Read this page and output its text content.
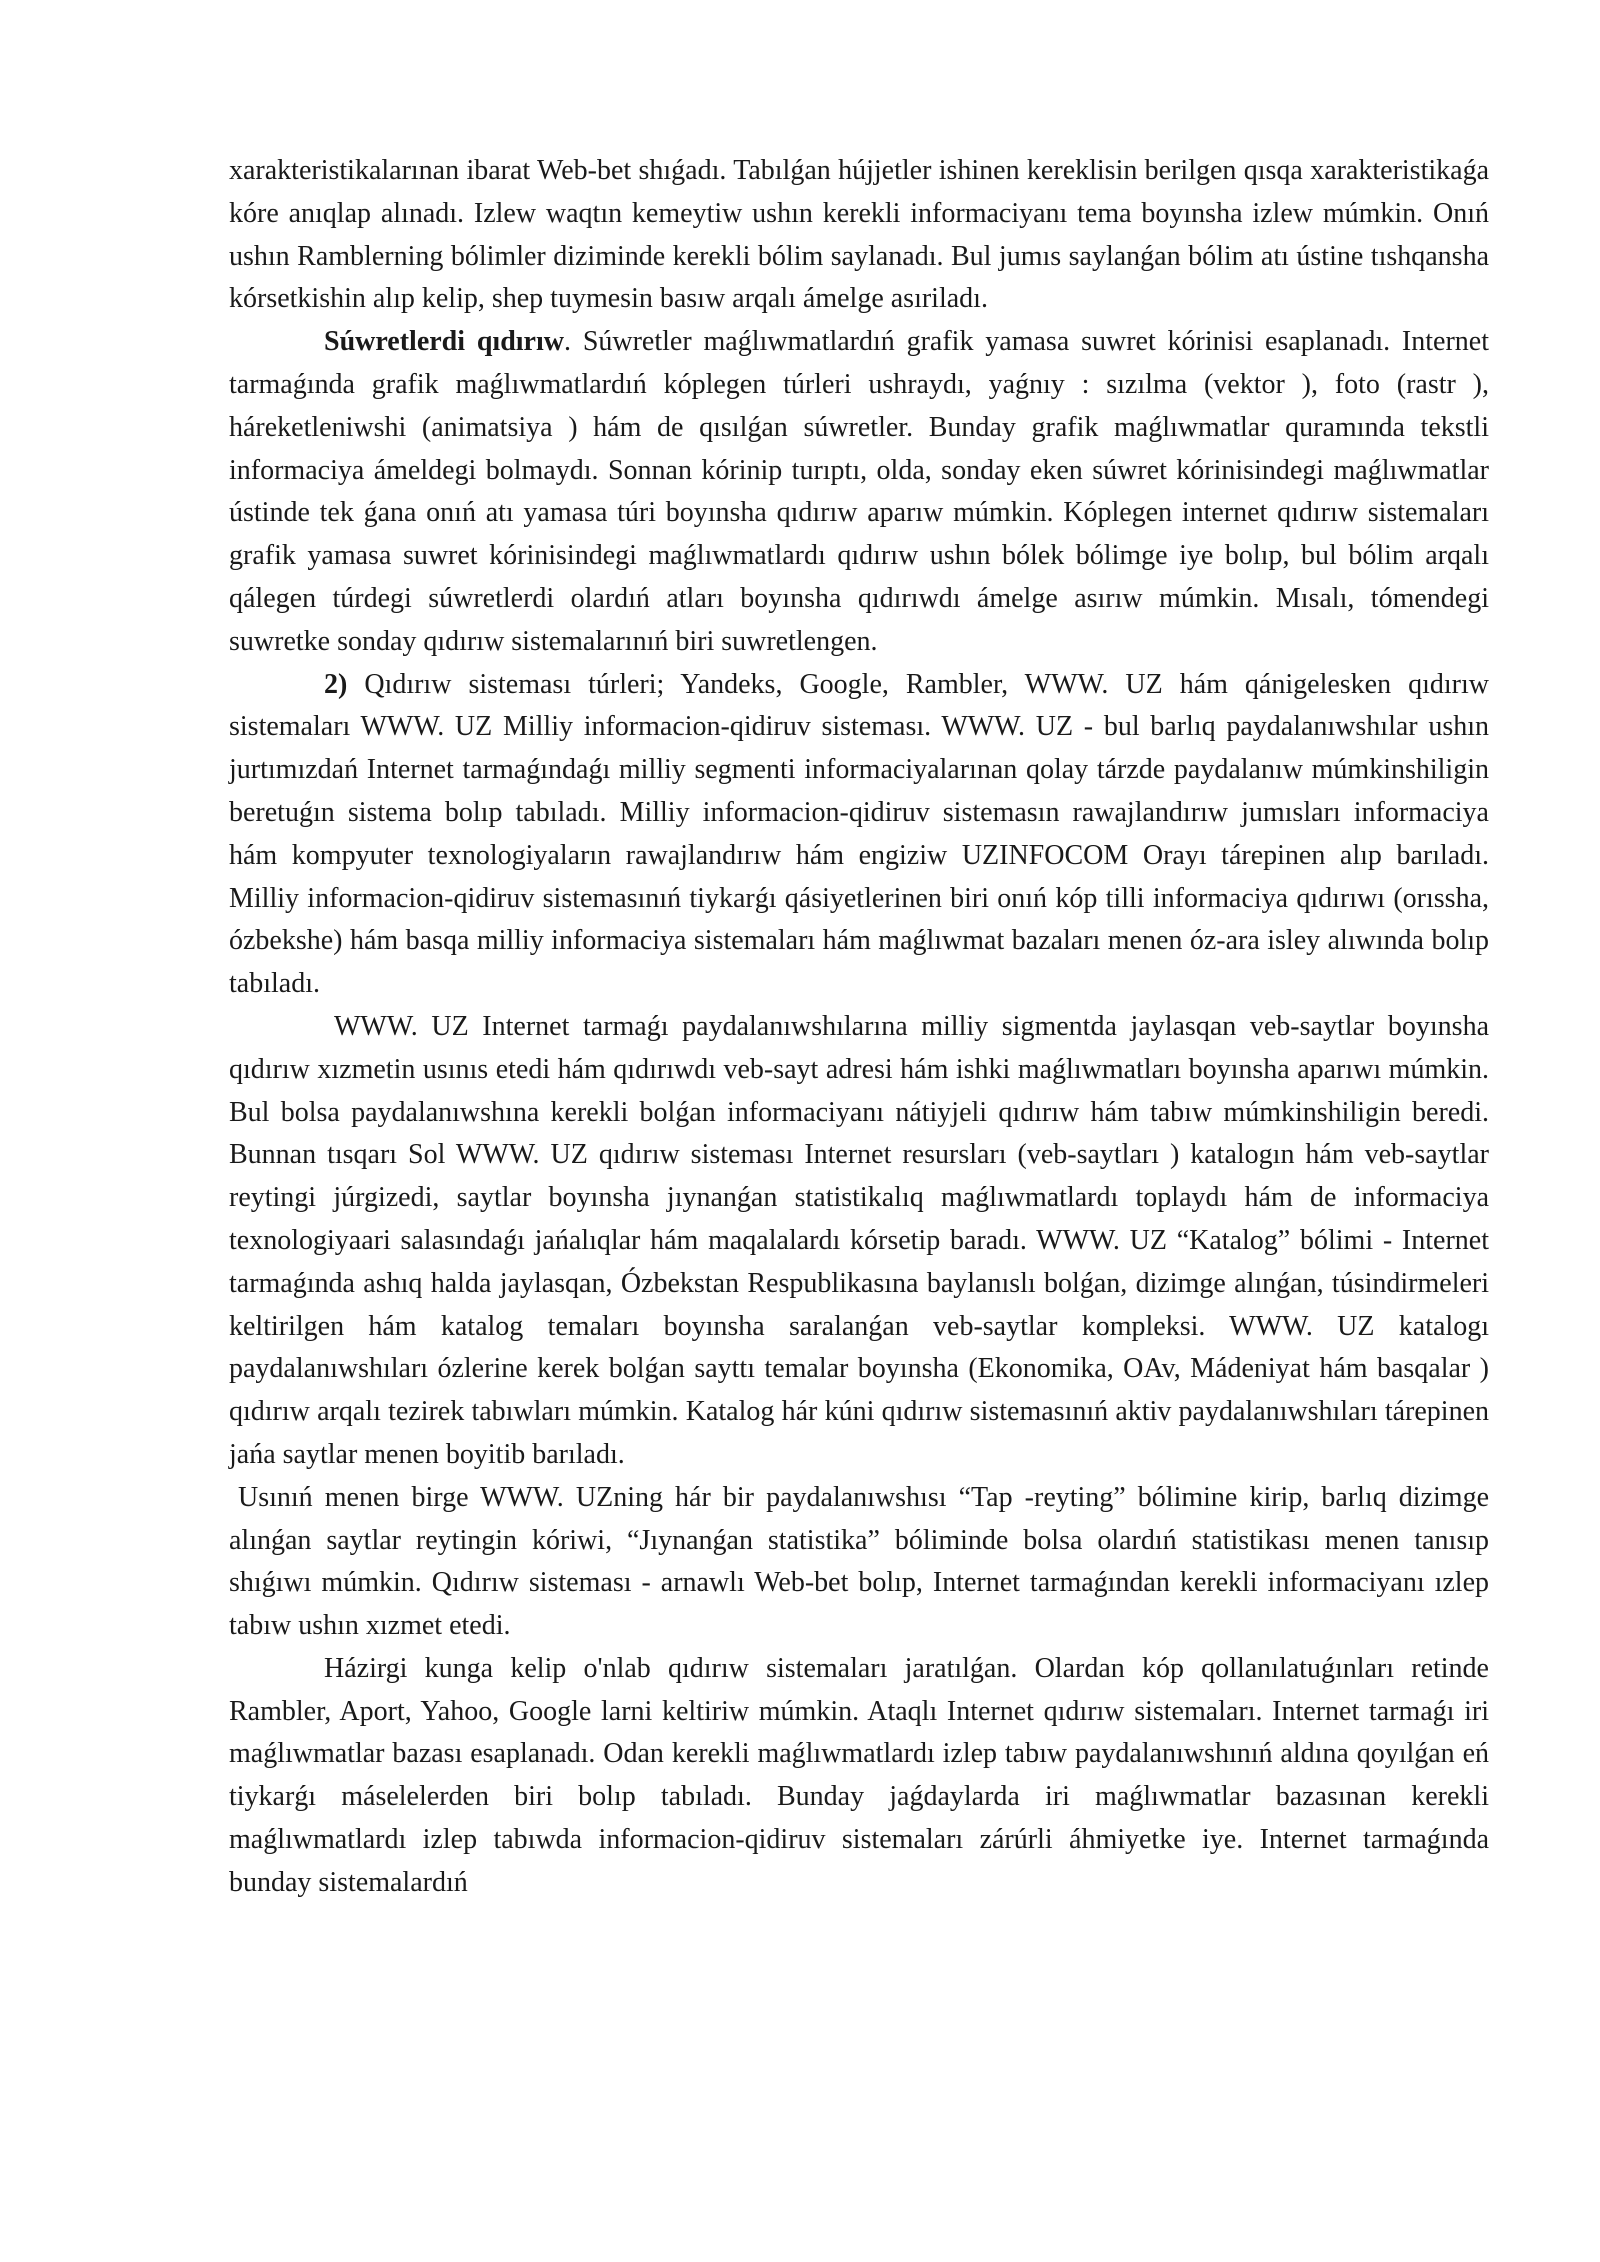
xarakteristikalarınan ibarat Web-bet shıǵadı. Tabılǵan hújjetler ishinen kereklisin berilgen qısqa xarakteristikaǵa kóre anıqlap alınadı. Izlew waqtın kemeytiw ushın kerekli informaciyanı tema boyınsha izlew múmkin. Onıń ushın Ramblerning bólimler diziminde kerekli bólim saylanadı. Bul jumıs saylanǵan bólim atı ústine tıshqansha kórsetkishin alıp kelip, shep tuymesin basıw arqalı ámelge asıriladı.

Súwretlerdi qıdırıw. Súwretler maǵlıwmatlardıń grafik yamasa suwret kórinisi esaplanadı. Internet tarmaǵında grafik maǵlıwmatlardıń kóplegen túrleri ushraydı, yaǵnıy : sızılma (vektor ), foto (rastr ), háreketleniwshi (animatsiya ) hám de qısılǵan súwretler. Bunday grafik maǵlıwmatlar quramında tekstli informaciya ámeldegi bolmaydı. Sonnan kórinip turıptı, olda, sonday eken súwret kórinisindegi maǵlıwmatlar ústinde tek ǵana onıń atı yamasa túri boyınsha qıdırıw aparıw múmkin. Kóplegen internet qıdırıw sistemaları grafik yamasa suwret kórinisindegi maǵlıwmatlardı qıdırıw ushın bólek bólimge iye bolıp, bul bólim arqalı qálegen túrdegi súwretlerdi olardıń atları boyınsha qıdırıwdı ámelge asırıw múmkin. Mısalı, tómendegi suwretke sonday qıdırıw sistemalarınıń biri suwretlengen.

2) Qıdırıw sisteması túrleri; Yandeks, Google, Rambler, WWW. UZ hám qánigelesken qıdırıw sistemaları WWW. UZ Milliy informacion-qidiruv sisteması. WWW. UZ - bul barlıq paydalanıwshılar ushın jurtımızdań Internet tarmaǵındaǵı milliy segmenti informaciyalarınan qolay tárzde paydalanıw múmkinshiligin beretuǵın sistema bolıp tabıladı. Milliy informacion-qidiruv sistemasın rawajlandırıw jumısları informaciya hám kompyuter texnologiyaların rawajlandırıw hám engiziw UZINFOCOM Orayı tárepinen alıp barıladı. Milliy informacion-qidiruv sistemasınıń tiykarǵı qásiyetlerinen biri onıń kóp tilli informaciya qıdırıwı (orıssha, ózbekshe) hám basqa milliy informaciya sistemaları hám maǵlıwmat bazaları menen óz-ara isley alıwında bolıp tabıladı.

WWW. UZ Internet tarmaǵı paydalanıwshılarına milliy sigmentda jaylasqan veb-saytlar boyınsha qıdırıw xızmetin usınıs etedi hám qıdırıwdı veb-sayt adresi hám ishki maǵlıwmatları boyınsha aparıwı múmkin. Bul bolsa paydalanıwshına kerekli bolǵan informaciyanı nátiyjeli qıdırıw hám tabıw múmkinshiligin beredi. Bunnan tısqarı Sol WWW. UZ qıdırıw sisteması Internet resursları (veb-saytları ) katalogın hám veb-saytlar reytingi júrgizedi, saytlar boyınsha jıynanǵan statistikalıq maǵlıwmatlardı toplaydı hám de informaciya texnologiyaari salasındaǵı jańalıqlar hám maqalalardı kórsetip baradı. WWW. UZ “Katalog” bólimi - Internet tarmaǵında ashıq halda jaylasqan, Ózbekstan Respublikasına baylanıslı bolǵan, dizimge alınǵan, túsindirmeleri keltirilgen hám katalog temaları boyınsha saralanǵan veb-saytlar kompleksi. WWW. UZ katalogı paydalanıwshıları ózlerine kerek bolǵan sayttı temalar boyınsha (Ekonomika, OAv, Mádeniyat hám basqalar ) qıdırıw arqalı tezirek tabıwları múmkin. Katalog hár kúni qıdırıw sistemasınıń aktiv paydalanıwshıları tárepinen jańa saytlar menen boyitib barıladı.

Usınıń menen birge WWW. UZning hár bir paydalanıwshısı “Tap -reyting” bólimine kirip, barlıq dizimge alınǵan saytlar reytingin kóriwi, “Jıynanǵan statistika” bóliminde bolsa olardıń statistikası menen tanısıp shıǵıwı múmkin. Qıdırıw sisteması - arnawlı Web-bet bolıp, Internet tarmaǵından kerekli informaciyanı ızlep tabıw ushın xızmet etedi.

Házirgi kunga kelip o'nlab qıdırıw sistemaları jaratılǵan. Olardan kóp qollanılatuǵınları retinde Rambler, Aport, Yahoo, Google larni keltiriw múmkin. Ataqlı Internet qıdırıw sistemaları. Internet tarmaǵı iri maǵlıwmatlar bazası esaplanadı. Odan kerekli maǵlıwmatlardı izlep tabıw paydalanıwshınıń aldına qoyılǵan eń tiykarǵı máselelerden biri bolıp tabıladı. Bunday jaǵdaylarda iri maǵlıwmatlar bazasınan kerekli maǵlıwmatlardı izlep tabıwda informacion-qidiruv sistemaları zárúrli áhmiyetke iye. Internet tarmaǵında bunday sistemalardıń
